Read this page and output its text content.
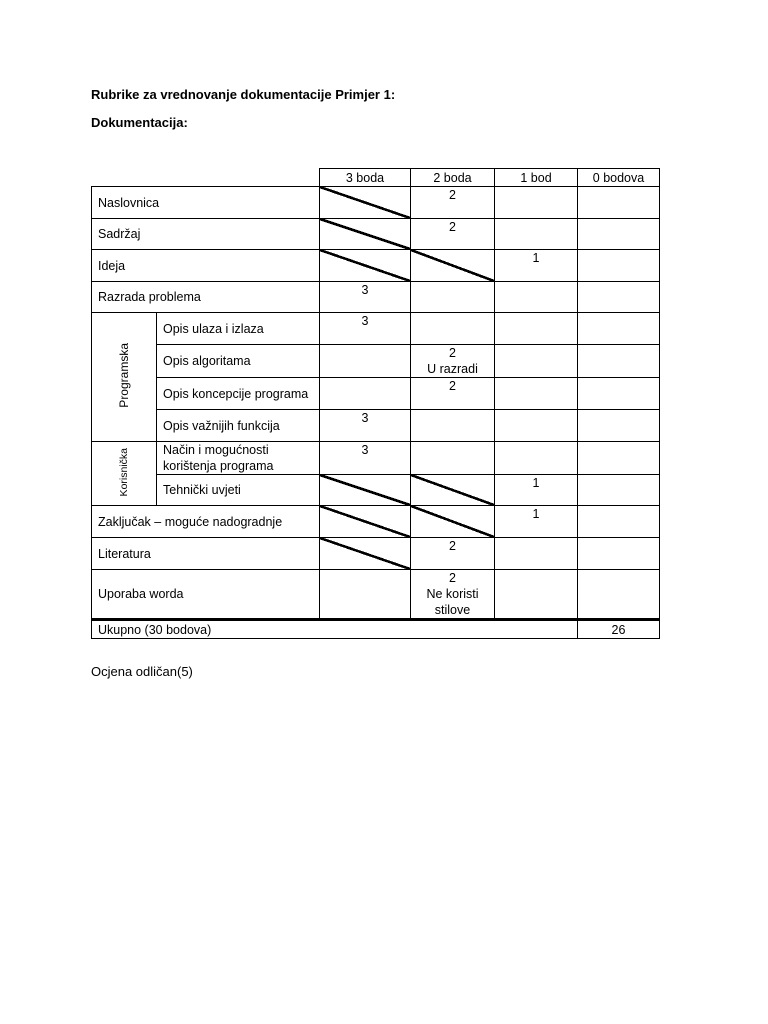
Rubrike za vrednovanje dokumentacije Primjer 1:
Dokumentacija:
		3 boda	2 boda	1 bod	0 bodova
Naslovnica			2		
Sadržaj			2		
Ideja				1	
Razrada problema		3			
Programska	Opis ulaza i izlaza	3			
	Opis algoritama		2
U razradi		

	Opis koncepcije programa		2		
	Opis važnijih funkcija	3			
Korisnička	Način i mogućnosti
korištenja programa	3			
	Tehnički uvjeti			1	
Zaključak – moguće nadogradnje				1	
Literatura			2		
Uporaba worda			2
Ne koristi
stilove		

Ukupno (30 bodova)					26
Ocjena odličan(5)
